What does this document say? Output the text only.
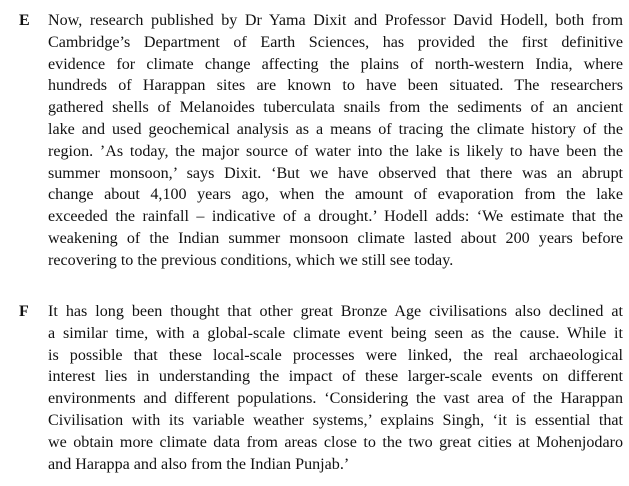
E Now, research published by Dr Yama Dixit and Professor David Hodell, both from
Cambridge’s Department of Earth Sciences, has provided the first definitive
evidence for climate change affecting the plains of north-western India, where
hundreds of Harappan sites are known to have been situated. The researchers
gathered shells of Melanoides tuberculata snails from the sediments of an ancient
lake and used geochemical analysis as a means of tracing the climate history of the
region. ’As today, the major source of water into the lake is likely to have been the
summer monsoon,’ says Dixit. ‘But we have observed that there was an abrupt
change about 4,100 years ago, when the amount of evaporation from the lake
exceeded the rainfall – indicative of a drought.’ Hodell adds: ‘We estimate that the
weakening of the Indian summer monsoon climate lasted about 200 years before
recovering to the previous conditions, which we still see today.
F It has long been thought that other great Bronze Age civilisations also declined at
a similar time, with a global-scale climate event being seen as the cause. While it
is possible that these local-scale processes were linked, the real archaeological
interest lies in understanding the impact of these larger-scale events on different
environments and different populations. ‘Considering the vast area of the Harappan
Civilisation with its variable weather systems,’ explains Singh, ‘it is essential that
we obtain more climate data from areas close to the two great cities at Mohenjodaro
and Harappa and also from the Indian Punjab.’
